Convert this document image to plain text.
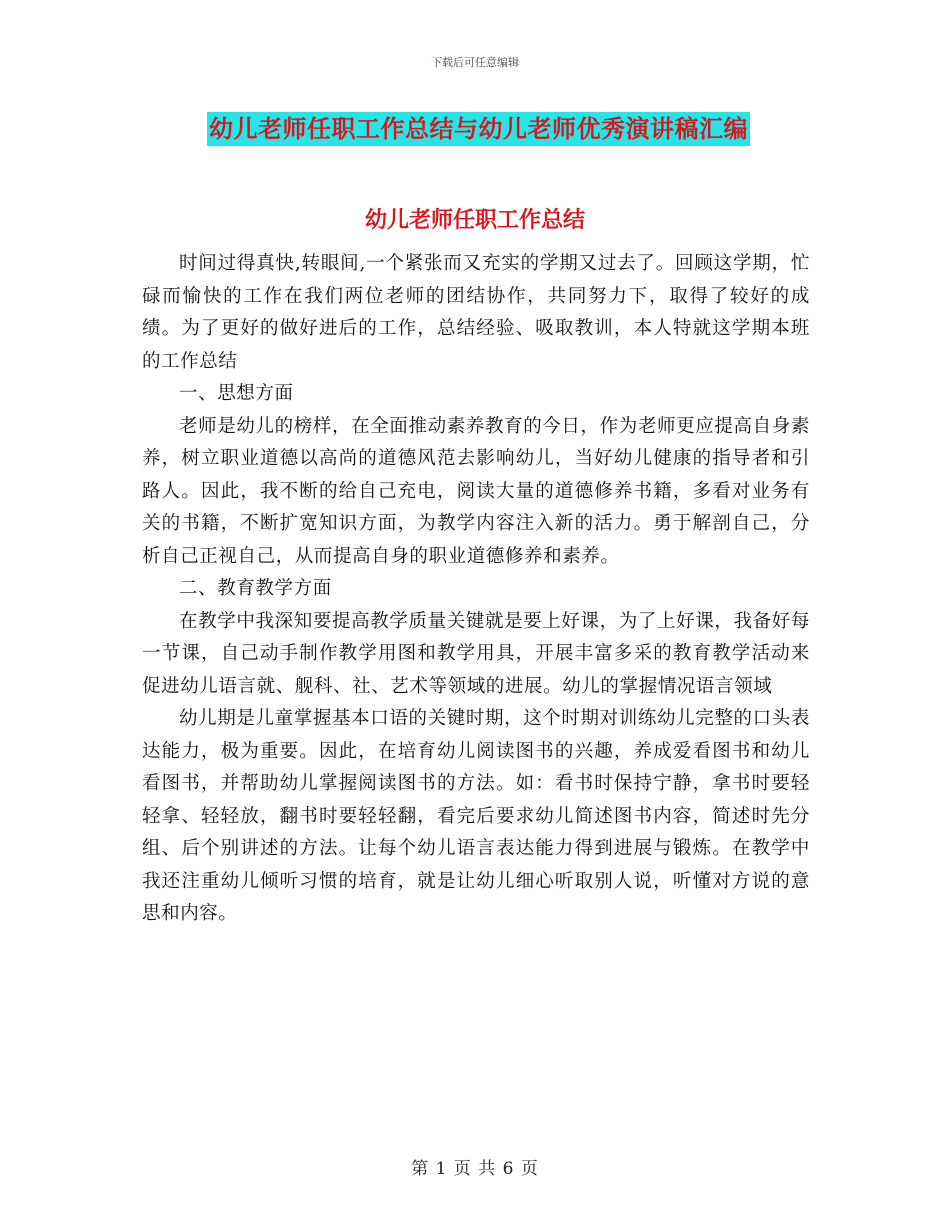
下载后可任意编辑
幼儿老师任职工作总结与幼儿老师优秀演讲稿汇编
幼儿老师任职工作总结

时间过得真快,转眼间,一个紧张而又充实的学期又过去了。回顾这学期，忙碌而愉快的工作在我们两位老师的团结协作，共同努力下，取得了较好的成绩。为了更好的做好进后的工作，总结经验、吸取教训，本人特就这学期本班的工作总结

一、思想方面

老师是幼儿的榜样，在全面推动素养教育的今日，作为老师更应提高自身素养，树立职业道德以高尚的道德风范去影响幼儿，当好幼儿健康的指导者和引路人。因此，我不断的给自己充电，阅读大量的道德修养书籍，多看对业务有关的书籍，不断扩宽知识方面，为教学内容注入新的活力。勇于解剖自己，分析自己正视自己，从而提高自身的职业道德修养和素养。

二、教育教学方面

在教学中我深知要提高教学质量关键就是要上好课，为了上好课，我备好每一节课，自己动手制作教学用图和教学用具，开展丰富多采的教育教学活动来促进幼儿语言就、舰科、社、艺术等领域的进展。幼儿的掌握情况语言领域

幼儿期是儿童掌握基本口语的关键时期，这个时期对训练幼儿完整的口头表达能力，极为重要。因此，在培育幼儿阅读图书的兴趣，养成爱看图书和幼儿看图书，并帮助幼儿掌握阅读图书的方法。如：看书时保持宁静，拿书时要轻轻拿、轻轻放，翻书时要轻轻翻，看完后要求幼儿简述图书内容，简述时先分组、后个别讲述的方法。让每个幼儿语言表达能力得到进展与锻炼。在教学中我还注重幼儿倾听习惯的培育，就是让幼儿细心听取别人说，听懂对方说的意思和内容。

第 1 页 共 6 页
